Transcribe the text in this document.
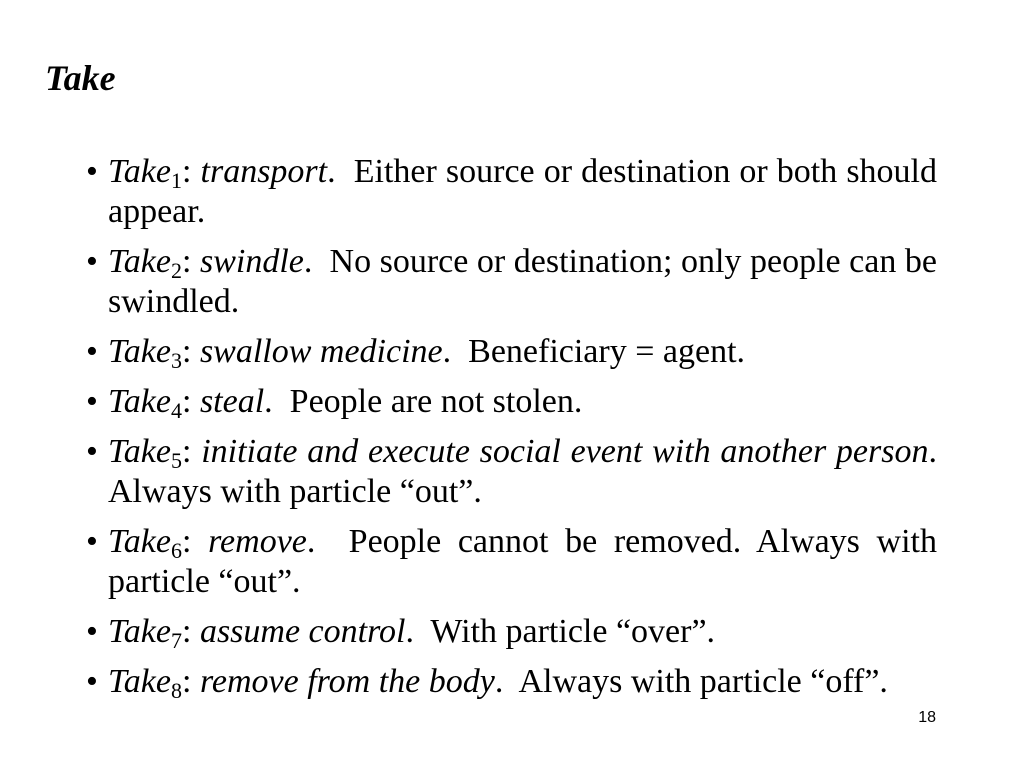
Take
• Take$_1$: transport.  Either source or destination or both should appear.
• Take$_2$: swindle.  No source or destination; only people can be swindled.
• Take$_3$: swallow medicine.  Beneficiary = agent.
• Take$_4$: steal.  People are not stolen.
• Take$_5$: initiate and execute social event with another person.  Always with particle “out”.
• Take$_6$: remove.  People cannot be removed. Always with particle “out”.
• Take$_7$: assume control.  With particle “over”.
• Take$_8$: remove from the body.  Always with particle “off”.
18
